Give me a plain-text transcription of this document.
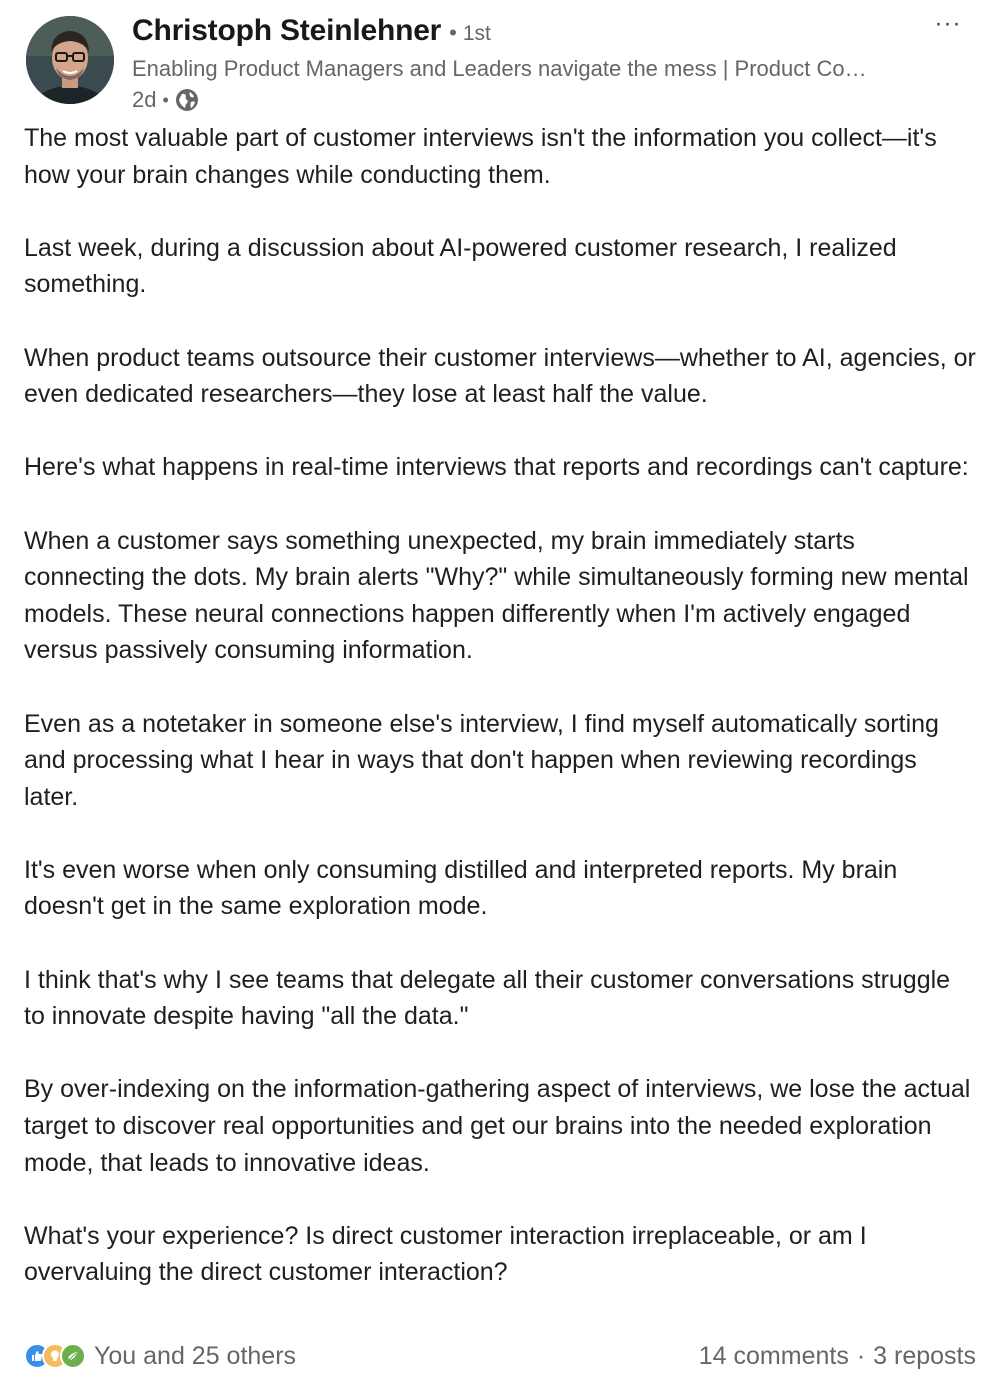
Christoph Steinlehner • 1st
Enabling Product Managers and Leaders navigate the mess | Product Co…
2d •
···

The most valuable part of customer interviews isn't the information you collect—it's how your brain changes while conducting them.

Last week, during a discussion about AI-powered customer research, I realized something.

When product teams outsource their customer interviews—whether to AI, agencies, or even dedicated researchers—they lose at least half the value.

Here's what happens in real-time interviews that reports and recordings can't capture:

When a customer says something unexpected, my brain immediately starts connecting the dots. My brain alerts "Why?" while simultaneously forming new mental models. These neural connections happen differently when I'm actively engaged versus passively consuming information.

Even as a notetaker in someone else's interview, I find myself automatically sorting and processing what I hear in ways that don't happen when reviewing recordings later.

It's even worse when only consuming distilled and interpreted reports. My brain doesn't get in the same exploration mode.

I think that's why I see teams that delegate all their customer conversations struggle to innovate despite having "all the data."

By over-indexing on the information-gathering aspect of interviews, we lose the actual target to discover real opportunities and get our brains into the needed exploration mode, that leads to innovative ideas.

What's your experience? Is direct customer interaction irreplaceable, or am I overvaluing the direct customer interaction?

You and 25 others	14 comments · 3 reposts
